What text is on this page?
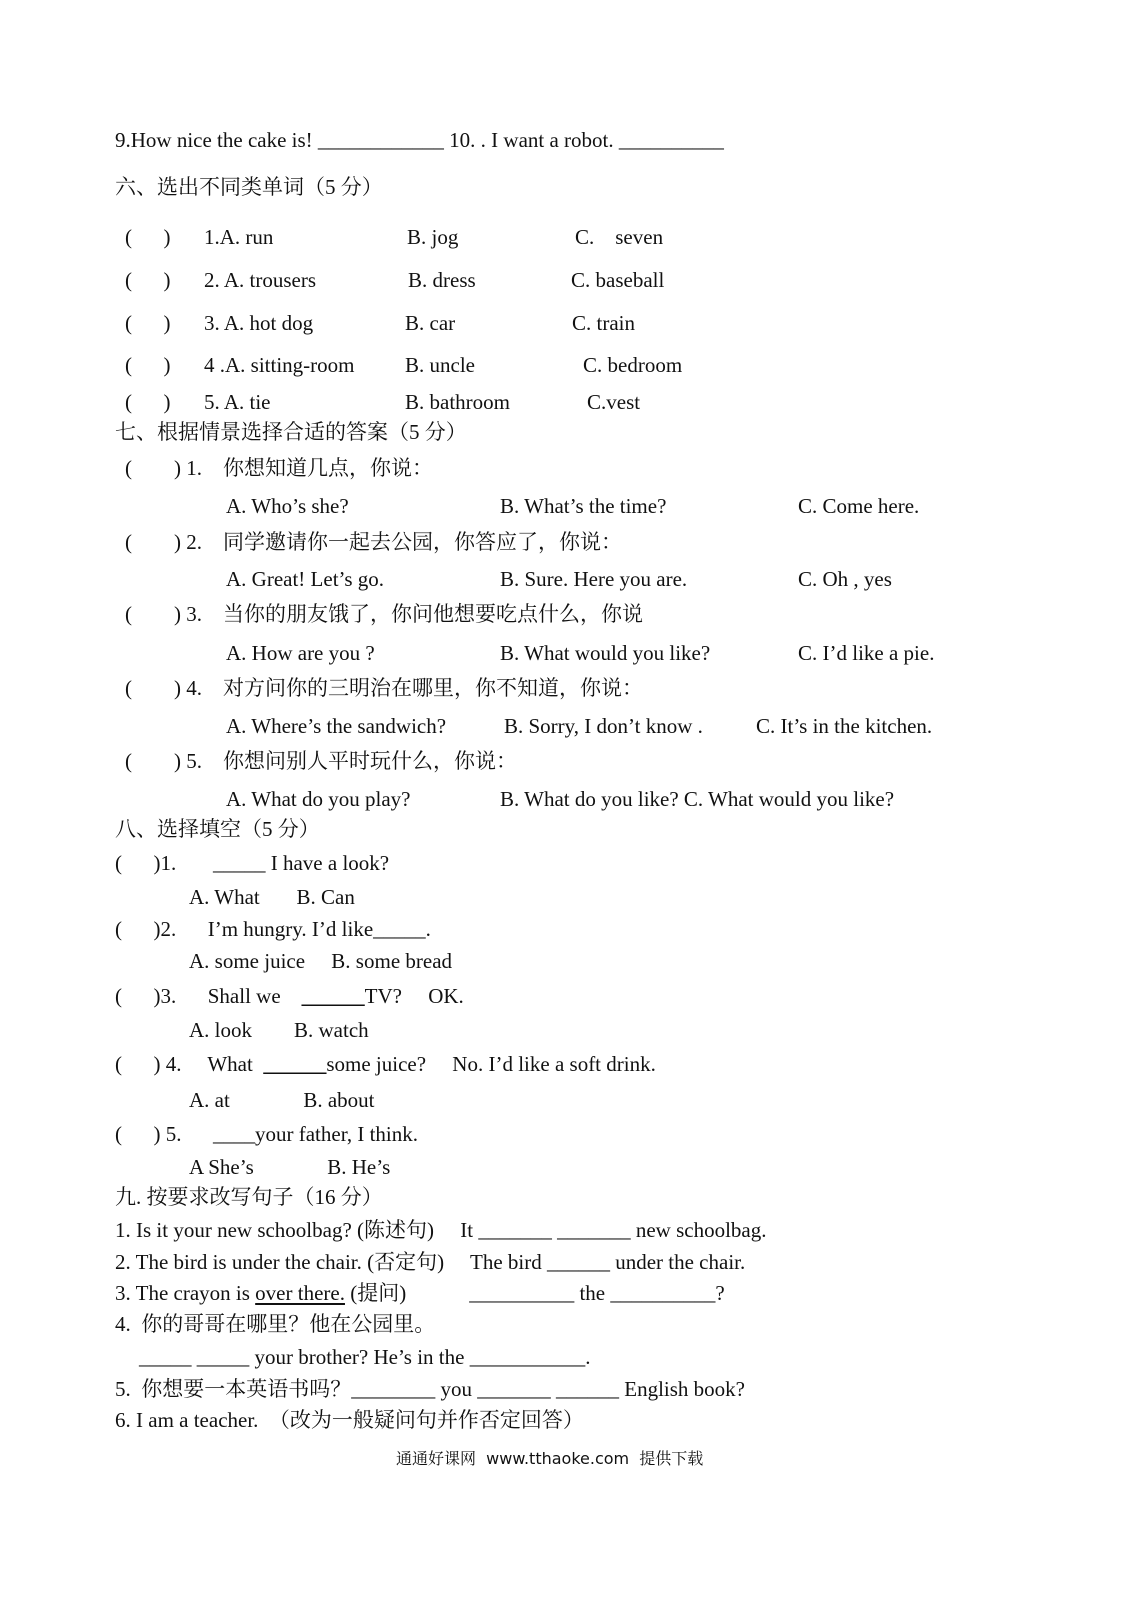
9.How nice the cake is! ____________ 10. . I want a robot. __________
六、选出不同类单词（5 分）
(      ) 1.A. run	B. jog	C.    seven
(      ) 2. A. trousers	B. dress	C. baseball
(      ) 3. A. hot dog	B. car	C. train
(      ) 4 .A. sitting-room B. uncle	C. bedroom
(      ) 5. A. tie	B. bathroom	C.vest
七、根据情景选择合适的答案（5 分）
(        ) 1.    你想知道几点，你说：
A. Who’s she?	B. What’s the time?	C. Come here.
(        ) 2.    同学邀请你一起去公园，你答应了，你说：
A. Great! Let’s go.	B. Sure. Here you are.	C. Oh , yes
(        ) 3.    当你的朋友饿了，你问他想要吃点什么，你说
A. How are you ?	B. What would you like?	C. I’d like a pie.
(        ) 4.    对方问你的三明治在哪里，你不知道，你说：
A. Where’s the sandwich?	B. Sorry, I don’t know .	C. It’s in the kitchen.
(        ) 5.    你想问别人平时玩什么，你说：
A. What do you play?	B. What do you like? C. What would you like?
八、选择填空（5 分）
(      )1.       _____ I have a look?
A. What       B. Can
(      )2.      I’m hungry. I’d like_____.
A. some juice     B. some bread
(      )3.      Shall we    ______TV?     OK.
A. look        B. watch
(      ) 4.     What  ______some juice?     No. I’d like a soft drink.
A. at              B. about
(      ) 5.      ____your father, I think.
A She’s              B. He’s
九. 按要求改写句子（16 分）
1. Is it your new schoolbag? (陈述句)     It _______ _______ new schoolbag.
2. The bird is under the chair. (否定句)     The bird ______ under the chair.
3. The crayon is over there. (提问)            __________ the __________?
4.  你的哥哥在哪里？他在公园里。
_____ _____ your brother? He’s in the ___________.
5.  你想要一本英语书吗？________ you _______ ______ English book?
6. I am a teacher.  （改为一般疑问句并作否定回答）
通通好课网  www.tthaoke.com  提供下载
